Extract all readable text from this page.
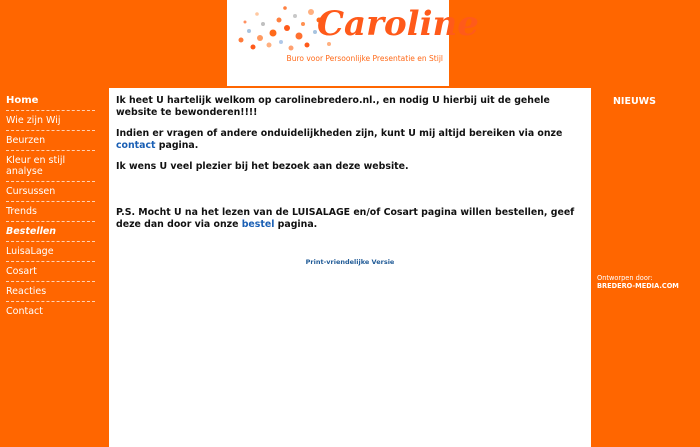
Caroline
Buro voor Persoonlijke Presentatie en Stijl
Home
Wie zijn Wij
Beurzen
Kleur en stijl analyse
Cursussen
Trends
Bestellen
LuisaLage
Cosart
Reacties
Contact

Ik heet U hartelijk welkom op carolinebredero.nl., en nodig U hierbij uit de gehele website te bewonderen!!!!

Indien er vragen of andere onduidelijkheden zijn, kunt U mij altijd bereiken via onze contact pagina.

Ik wens U veel plezier bij het bezoek aan deze website.

P.S. Mocht U na het lezen van de LUISALAGE en/of Cosart pagina willen bestellen, geef deze dan door via onze bestel pagina.

Print-vriendelijke Versie
NIEUWS
Ontworpen door:
BREDERO-MEDIA.COM
